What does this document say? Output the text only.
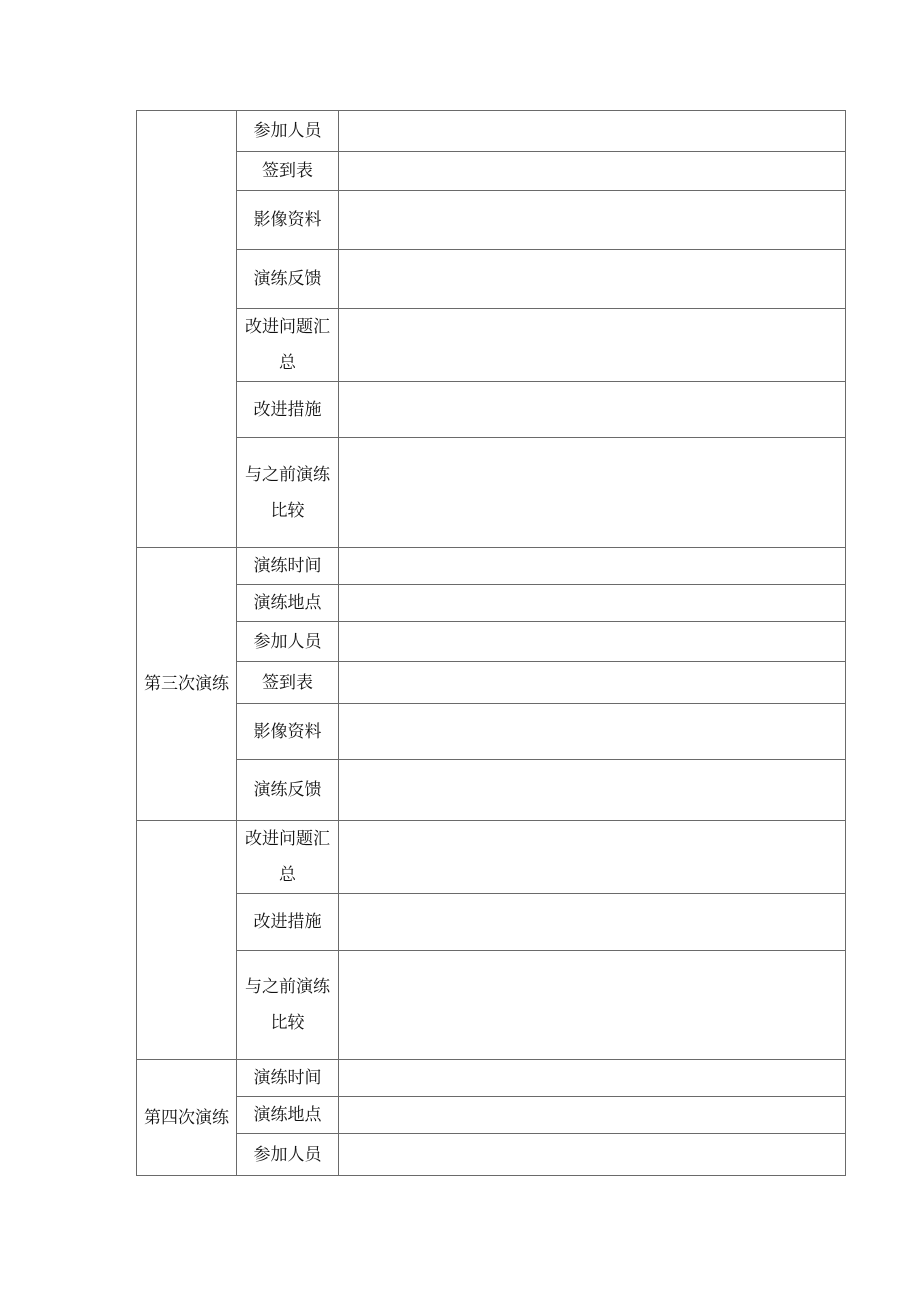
	参加人员	
	签到表	
	影像资料	
	演练反馈	
	改进问题汇总	
	改进措施	
	与之前演练比较	
第三次演练	演练时间	
	演练地点	
	参加人员	
	签到表	
	影像资料	
	演练反馈	
	改进问题汇总	
	改进措施	
	与之前演练比较	
第四次演练	演练时间	
	演练地点	
	参加人员	
